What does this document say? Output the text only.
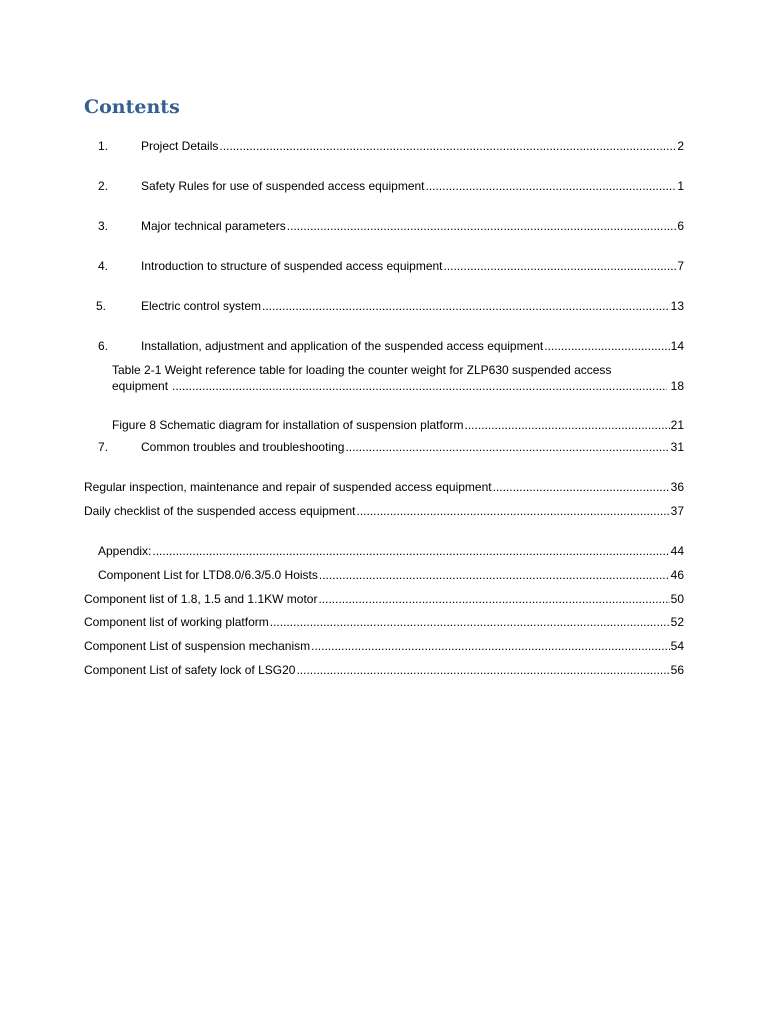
Contents
1.	Project Details .....	2
2.	Safety Rules for use of suspended access equipment .....	1
3.	Major technical parameters .....	6
4.	Introduction to structure of suspended access equipment .....	7
5.	Electric control system .....	13
6.	Installation, adjustment and application of the suspended access equipment .....	14
Table 2-1 Weight reference table for loading the counter weight for ZLP630 suspended access
equipment .....	18
Figure 8 Schematic diagram for installation of suspension platform .....	21
7.	Common troubles and troubleshooting .....	31
Regular inspection, maintenance and repair of suspended access equipment .....	36
Daily checklist of the suspended access equipment .....	37
Appendix: .....	44
Component List for LTD8.0/6.3/5.0 Hoists .....	46
Component list of 1.8, 1.5 and 1.1KW motor .....	50
Component list of working platform .....	52
Component List of suspension mechanism .....	54
Component List of safety lock of LSG20 .....	56
